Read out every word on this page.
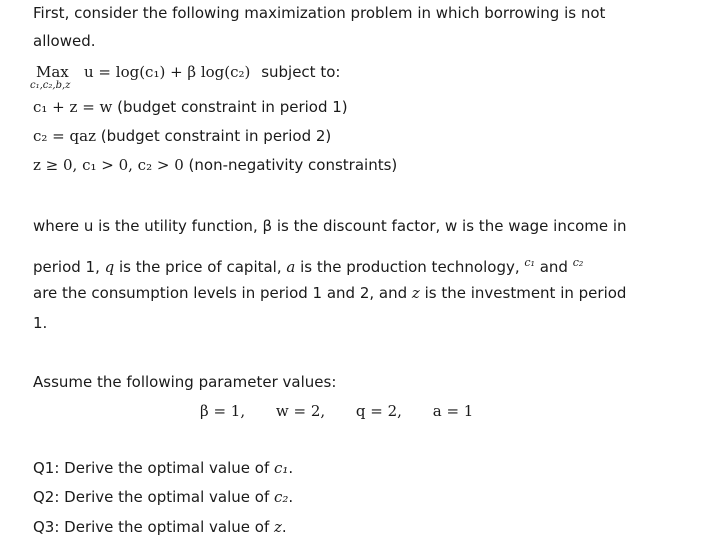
First, consider the following maximization problem in which borrowing is not
allowed.
Max
c₁,c₂,b,z
u = log(c₁) + β log(c₂) subject to:
c₁ + z = w (budget constraint in period 1)
c₂ = qaz (budget constraint in period 2)
z ≥ 0, c₁ > 0, c₂ > 0 (non-negativity constraints)
where u is the utility function, β is the discount factor, w is the wage income in
period 1, q is the price of capital, a is the production technology, $^{c_1}$ and $^{c_2}$
are the consumption levels in period 1 and 2, and z is the investment in period
1.
Assume the following parameter values:
β = 1, w = 2, q = 2, a = 1
Q1: Derive the optimal value of c₁.
Q2: Derive the optimal value of c₂.
Q3: Derive the optimal value of z.
